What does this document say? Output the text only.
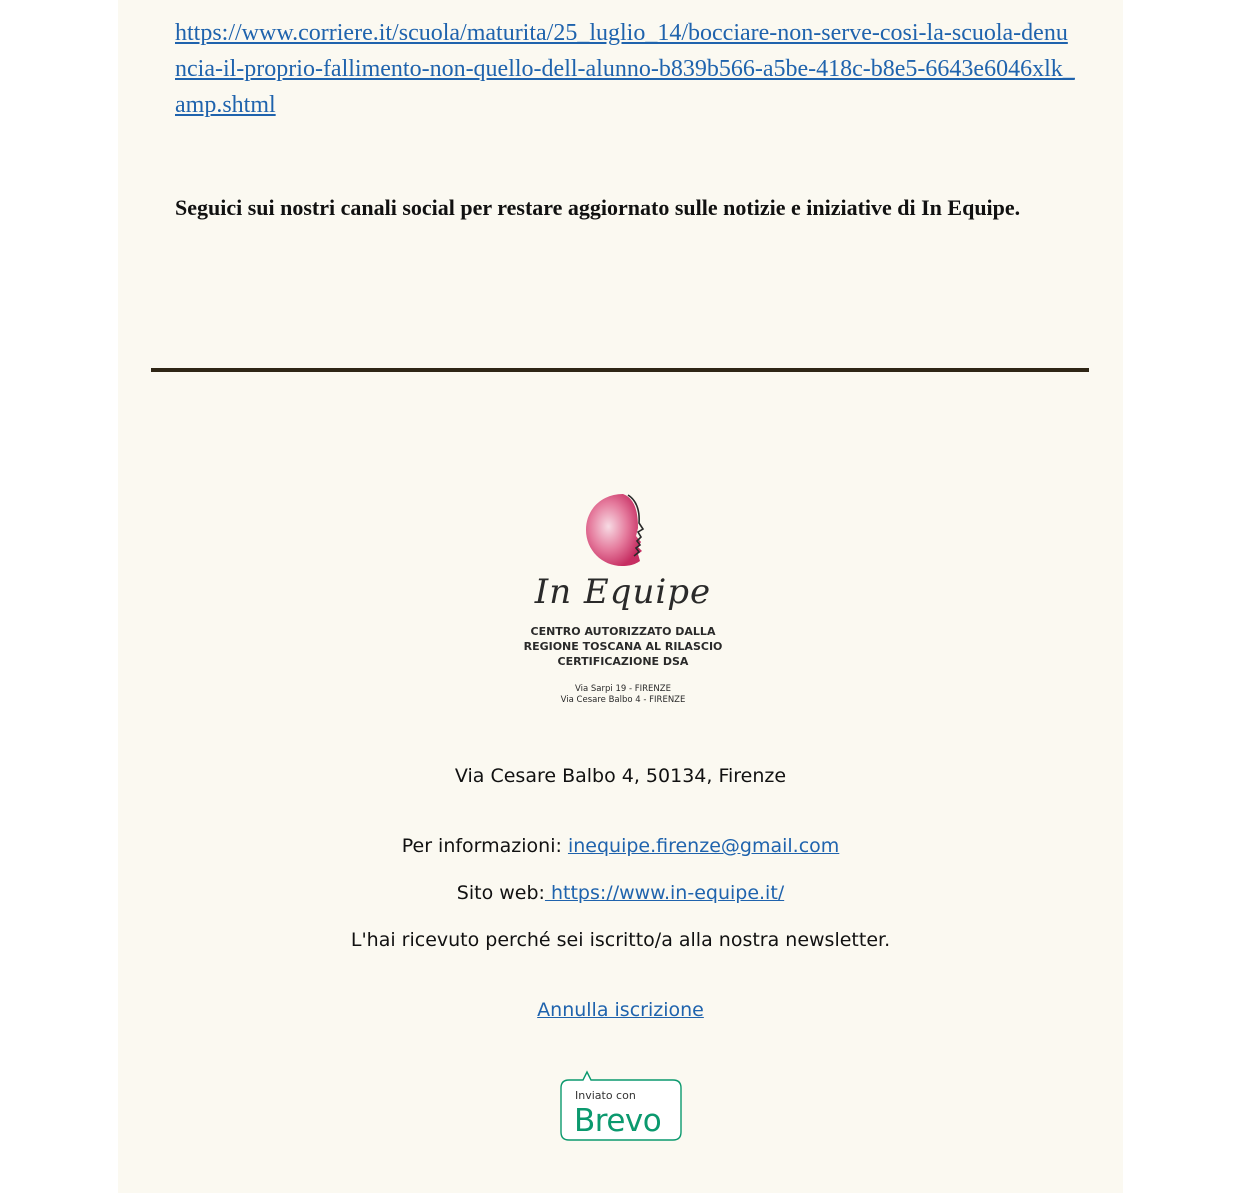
https://www.corriere.it/scuola/maturita/25_luglio_14/bocciare-non-serve-cosi-la-scuola-denuncia-il-proprio-fallimento-non-quello-dell-alunno-b839b566-a5be-418c-b8e5-6643e6046xlk_amp.shtml
Seguici sui nostri canali social per restare aggiornato sulle notizie e iniziative di In Equipe.
In Equipe
CENTRO AUTORIZZATO DALLA
REGIONE TOSCANA AL RILASCIO
CERTIFICAZIONE DSA
Via Sarpi 19 - FIRENZE
Via Cesare Balbo 4 - FIRENZE
Via Cesare Balbo 4, 50134, Firenze
Per informazioni: inequipe.firenze@gmail.com
Sito web: https://www.in-equipe.it/
L'hai ricevuto perché sei iscritto/a alla nostra newsletter.
Annulla iscrizione
Inviato con
Brevo
